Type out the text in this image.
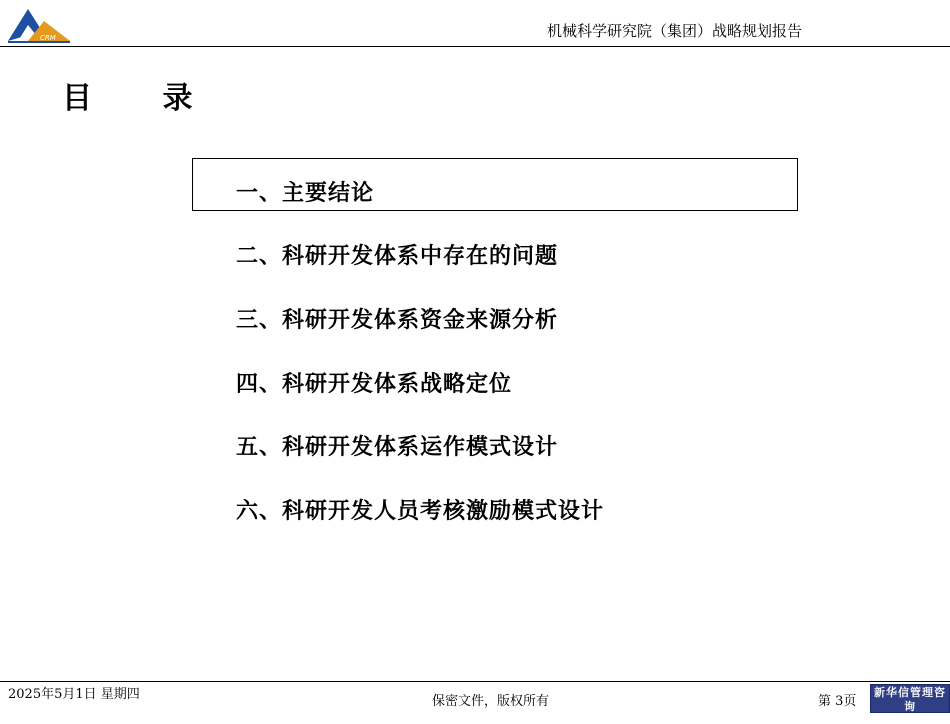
CRM	机械科学研究院（集团）战略规划报告
目 录
一、主要结论
二、科研开发体系中存在的问题
三、科研开发体系资金来源分析
四、科研开发体系战略定位
五、科研开发体系运作模式设计
六、科研开发人员考核激励模式设计
2025年5月1日 星期四	保密文件，版权所有	第 3页
新华信管理咨询
SINOTRUST
